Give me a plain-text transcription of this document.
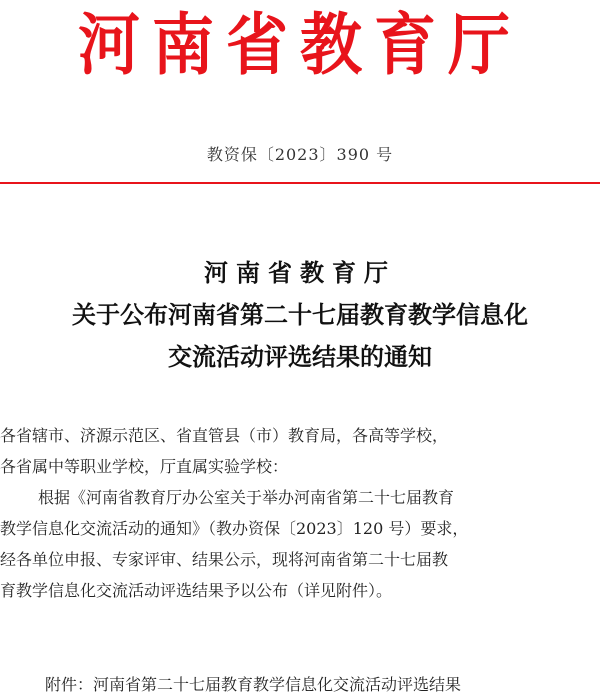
河南省教育厅
教资保〔2023〕390 号
河南省教育厅
关于公布河南省第二十七届教育教学信息化
交流活动评选结果的通知

各省辖市、济源示范区、省直管县（市）教育局，各高等学校，

各省属中等职业学校，厅直属实验学校：

根据《河南省教育厅办公室关于举办河南省第二十七届教育

教学信息化交流活动的通知》（教办资保〔2023〕120 号）要求，

经各单位申报、专家评审、结果公示，现将河南省第二十七届教

育教学信息化交流活动评选结果予以公布（详见附件）。

附件：河南省第二十七届教育教学信息化交流活动评选结果
